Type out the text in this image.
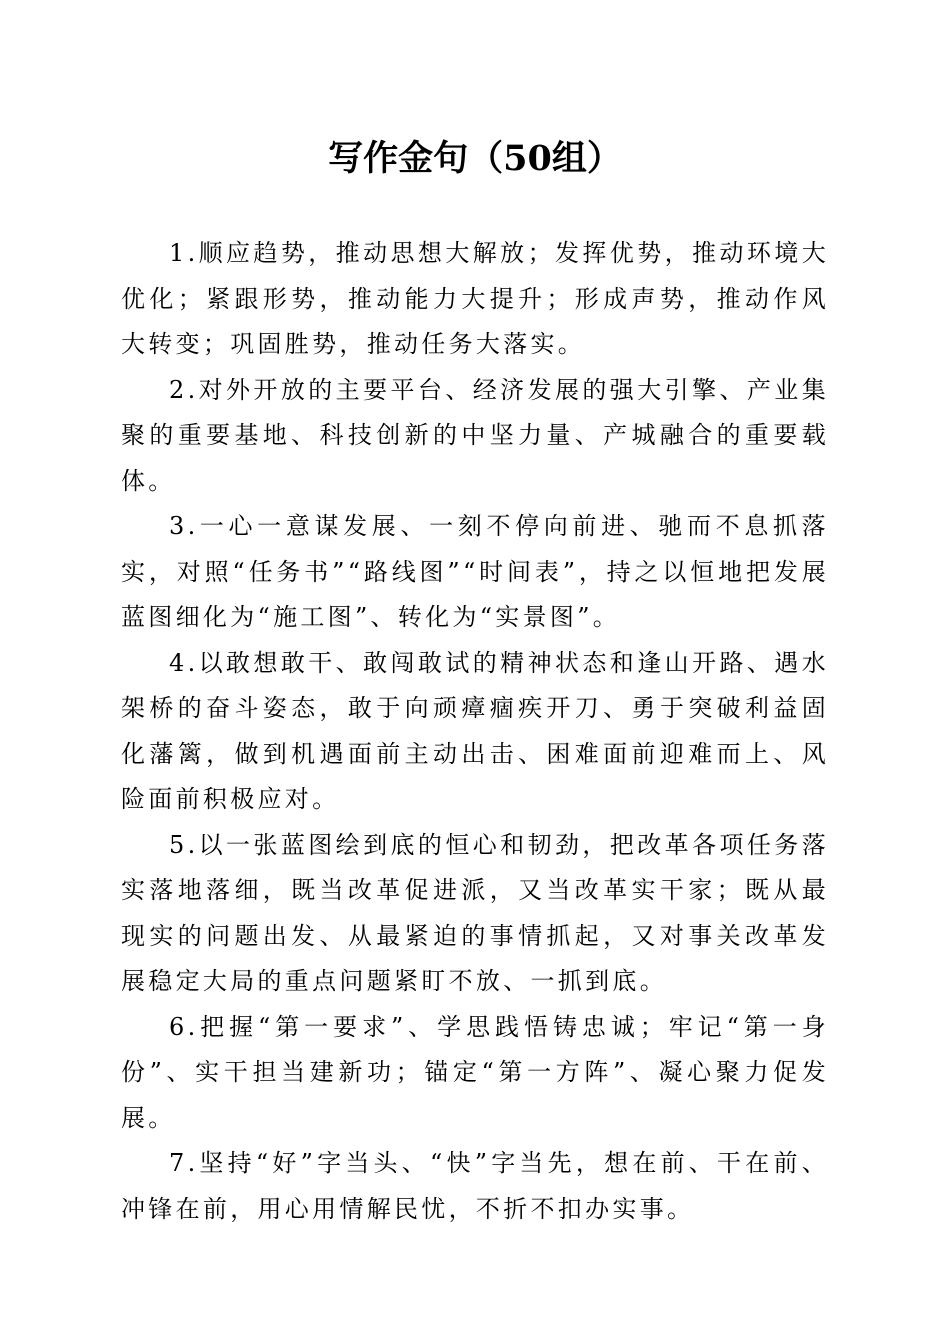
写作金句（50组）

1.顺应趋势，推动思想大解放；发挥优势，推动环境大优化；紧跟形势，推动能力大提升；形成声势，推动作风大转变；巩固胜势，推动任务大落实。

2.对外开放的主要平台、经济发展的强大引擎、产业集聚的重要基地、科技创新的中坚力量、产城融合的重要载体。

3.一心一意谋发展、一刻不停向前进、驰而不息抓落实，对照“任务书”“路线图”“时间表”，持之以恒地把发展蓝图细化为“施工图”、转化为“实景图”。

4.以敢想敢干、敢闯敢试的精神状态和逢山开路、遇水架桥的奋斗姿态，敢于向顽瘴痼疾开刀、勇于突破利益固化藩篱，做到机遇面前主动出击、困难面前迎难而上、风险面前积极应对。

5.以一张蓝图绘到底的恒心和韧劲，把改革各项任务落实落地落细，既当改革促进派，又当改革实干家；既从最现实的问题出发、从最紧迫的事情抓起，又对事关改革发展稳定大局的重点问题紧盯不放、一抓到底。

6.把握“第一要求”、学思践悟铸忠诚；牢记“第一身份”、实干担当建新功；锚定“第一方阵”、凝心聚力促发展。

7.坚持“好”字当头、“快”字当先，想在前、干在前、冲锋在前，用心用情解民忧，不折不扣办实事。
